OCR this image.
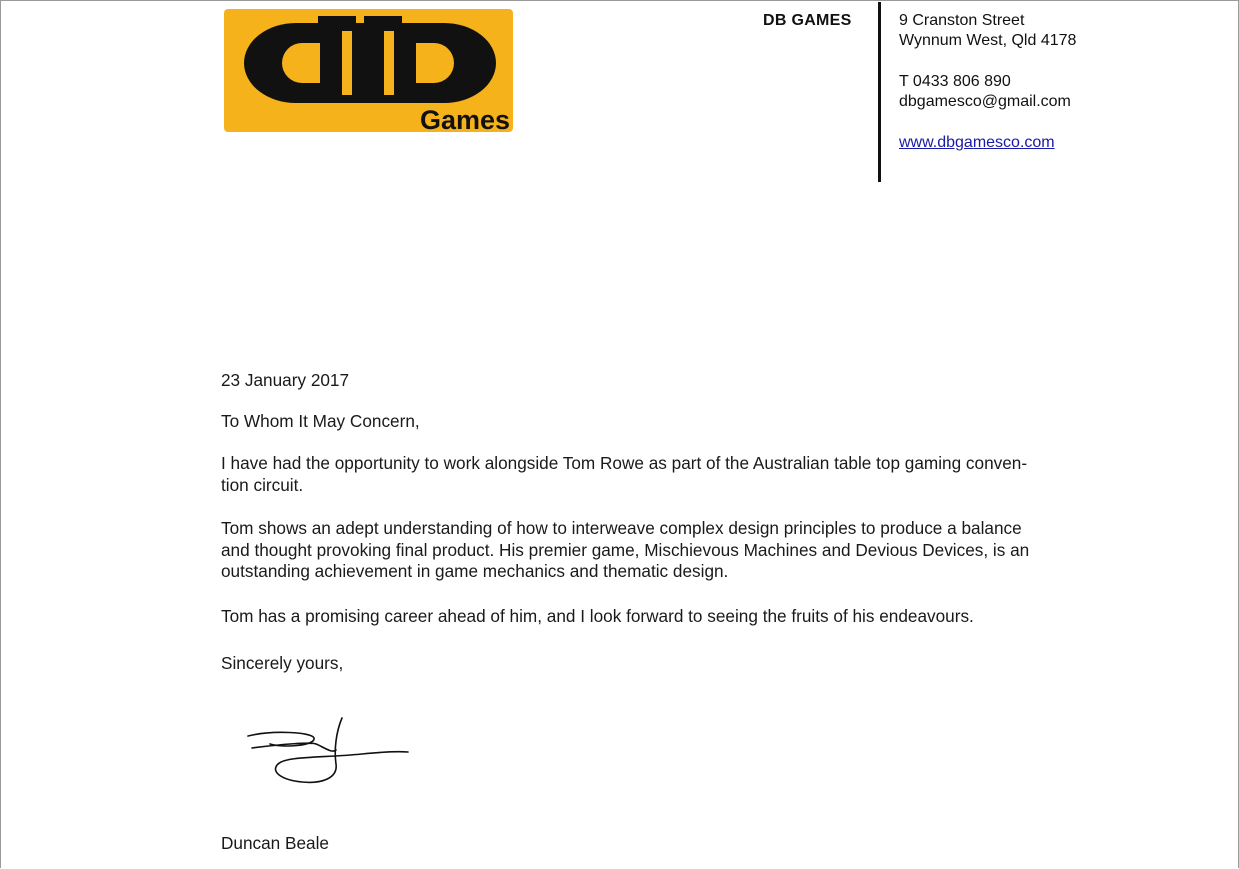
Games
DB GAMES	9 Cranston Street
Wynnum West, Qld 4178
T 0433 806 890
dbgamesco@gmail.com
www.dbgamesco.com
23 January 2017
To Whom It May Concern,
I have had the opportunity to work alongside Tom Rowe as part of the Australian table top gaming conven-
tion circuit.
Tom shows an adept understanding of how to interweave complex design principles to produce a balance
and thought provoking final product. His premier game, Mischievous Machines and Devious Devices, is an
outstanding achievement in game mechanics and thematic design.
Tom has a promising career ahead of him, and I look forward to seeing the fruits of his endeavours.
Sincerely yours,
Duncan Beale
